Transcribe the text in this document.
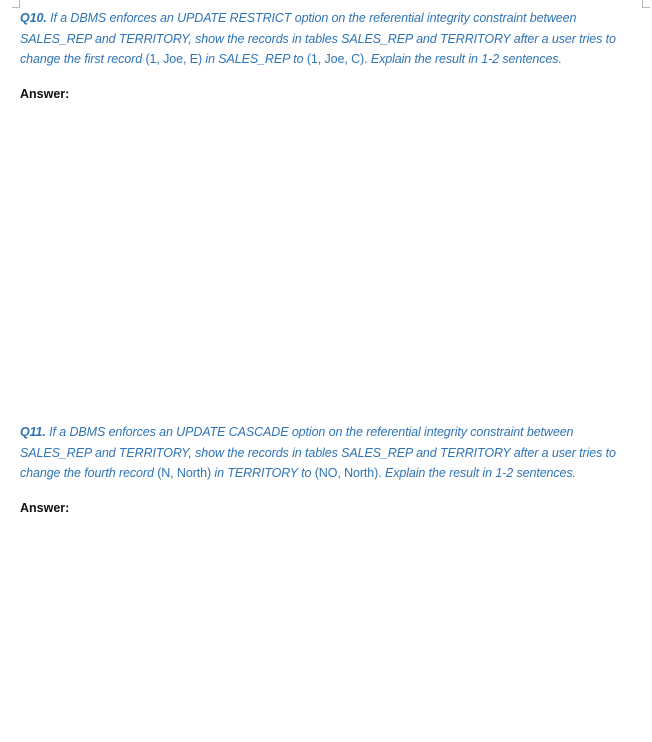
Q10. If a DBMS enforces an UPDATE RESTRICT option on the referential integrity constraint between SALES_REP and TERRITORY, show the records in tables SALES_REP and TERRITORY after a user tries to change the first record (1, Joe, E) in SALES_REP to (1, Joe, C). Explain the result in 1-2 sentences.

Answer:

Q11. If a DBMS enforces an UPDATE CASCADE option on the referential integrity constraint between SALES_REP and TERRITORY, show the records in tables SALES_REP and TERRITORY after a user tries to change the fourth record (N, North) in TERRITORY to (NO, North). Explain the result in 1-2 sentences.

Answer:
